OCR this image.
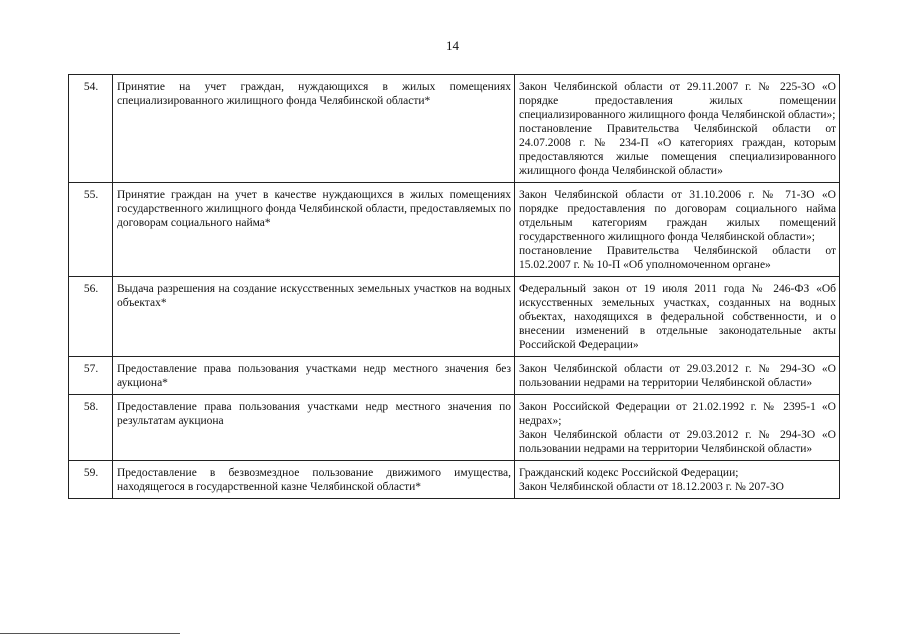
14
54.	Принятие на учет граждан, нуждающихся в жилых помещениях специализированного жилищного фонда Челябинской области*	Закон Челябинской области от 29.11.2007 г. № 225-ЗО «О порядке предоставления жилых помещении специализированного жилищного фонда Челябинской области»;
постановление Правительства Челябинской области от 24.07.2008 г. № 234-П «О категориях граждан, которым предоставляются жилые помещения специализированного жилищного фонда Челябинской области»

55.	Принятие граждан на учет в качестве нуждающихся в жилых помещениях государственного жилищного фонда Челябинской области, предоставляемых по договорам социального найма*	Закон Челябинской области от 31.10.2006 г. № 71-ЗО «О порядке предоставления по договорам социального найма отдельным категориям граждан жилых помещений государственного жилищного фонда Челябинской области»;
постановление Правительства Челябинской области от 15.02.2007 г. № 10-П «Об уполномоченном органе»

56.	Выдача разрешения на создание искусственных земельных участков на водных объектах*	Федеральный закон от 19 июля 2011 года № 246-ФЗ «Об искусственных земельных участках, созданных на водных объектах, находящихся в федеральной собственности, и о внесении изменений в отдельные законодательные акты Российской Федерации»

57.	Предоставление права пользования участками недр местного значения без аукциона*	Закон Челябинской области от 29.03.2012 г. № 294-ЗО «О пользовании недрами на территории Челябинской области»

58.	Предоставление права пользования участками недр местного значения по результатам аукциона	Закон Российской Федерации от 21.02.1992 г. № 2395-1 «О недрах»;
Закон Челябинской области от 29.03.2012 г. № 294-ЗО «О пользовании недрами на территории Челябинской области»

59.	Предоставление в безвозмездное пользование движимого имущества, находящегося в государственной казне Челябинской области*	Гражданский кодекс Российской Федерации;
Закон Челябинской области от 18.12.2003 г. № 207-ЗО
